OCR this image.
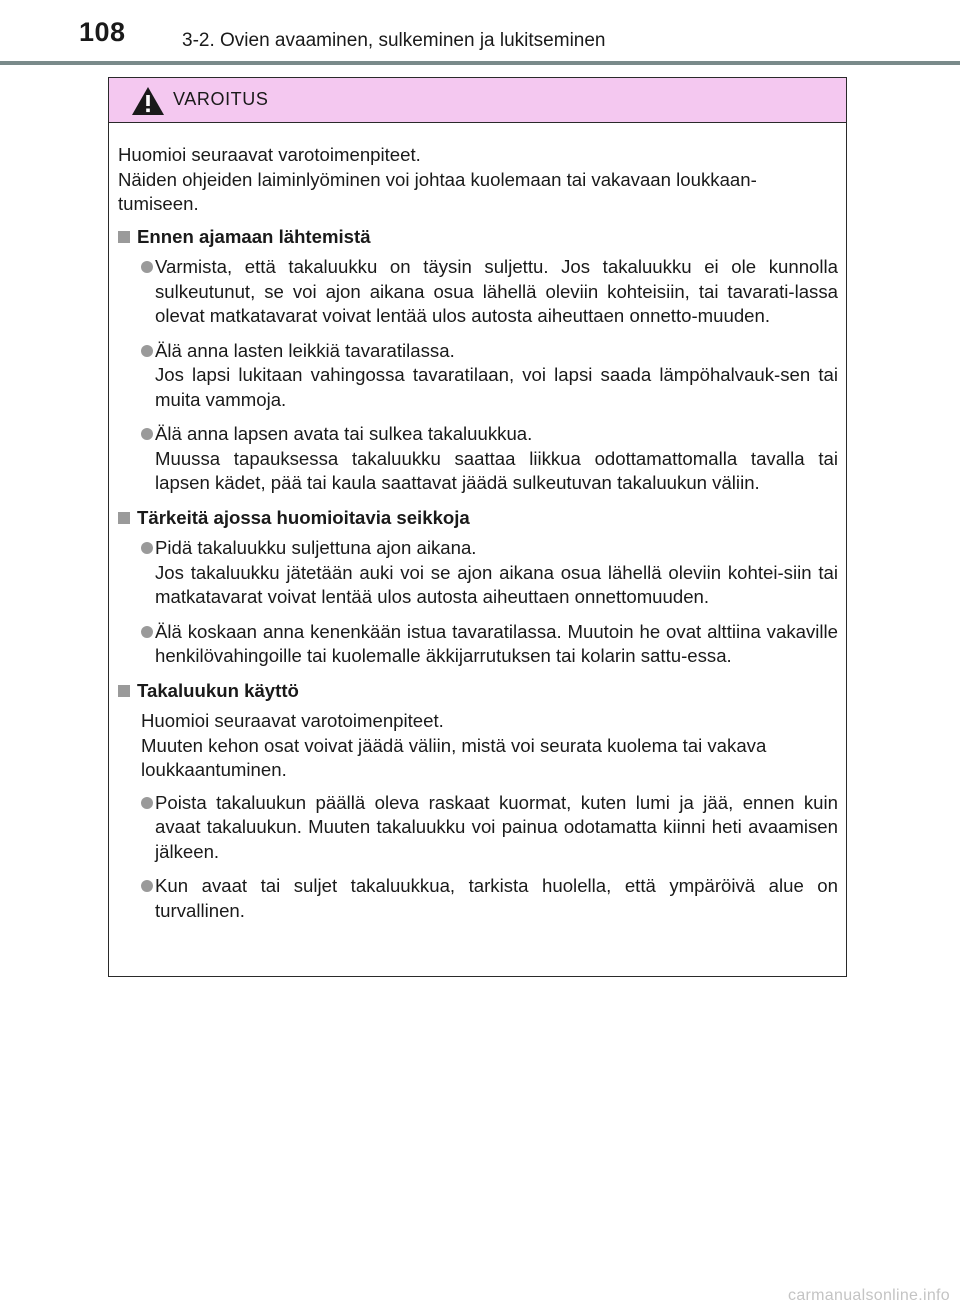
108	3-2. Ovien avaaminen, sulkeminen ja lukitseminen
VAROITUS
Huomioi seuraavat varotoimenpiteet.
Näiden ohjeiden laiminlyöminen voi johtaa kuolemaan tai vakavaan loukkaan-
tumiseen.
Ennen ajamaan lähtemistä
Varmista, että takaluukku on täysin suljettu. Jos takaluukku ei ole kunnolla sulkeutunut, se voi ajon aikana osua lähellä oleviin kohteisiin, tai tavarati-lassa olevat matkatavarat voivat lentää ulos autosta aiheuttaen onnetto-muuden.
Älä anna lasten leikkiä tavaratilassa.
Jos lapsi lukitaan vahingossa tavaratilaan, voi lapsi saada lämpöhalvauk-sen tai muita vammoja.
Älä anna lapsen avata tai sulkea takaluukkua.
Muussa tapauksessa takaluukku saattaa liikkua odottamattomalla tavalla tai lapsen kädet, pää tai kaula saattavat jäädä sulkeutuvan takaluukun väliin.
Tärkeitä ajossa huomioitavia seikkoja
Pidä takaluukku suljettuna ajon aikana.
Jos takaluukku jätetään auki voi se ajon aikana osua lähellä oleviin kohtei-siin tai matkatavarat voivat lentää ulos autosta aiheuttaen onnettomuuden.
Älä koskaan anna kenenkään istua tavaratilassa. Muutoin he ovat alttiina vakaville henkilövahingoille tai kuolemalle äkkijarrutuksen tai kolarin sattu-essa.
Takaluukun käyttö
Huomioi seuraavat varotoimenpiteet.
Muuten kehon osat voivat jäädä väliin, mistä voi seurata kuolema tai vakava
loukkaantuminen.
Poista takaluukun päällä oleva raskaat kuormat, kuten lumi ja jää, ennen kuin avaat takaluukun. Muuten takaluukku voi painua odotamatta kiinni heti avaamisen jälkeen.
Kun avaat tai suljet takaluukkua, tarkista huolella, että ympäröivä alue on turvallinen.
carmanualsonline.info
